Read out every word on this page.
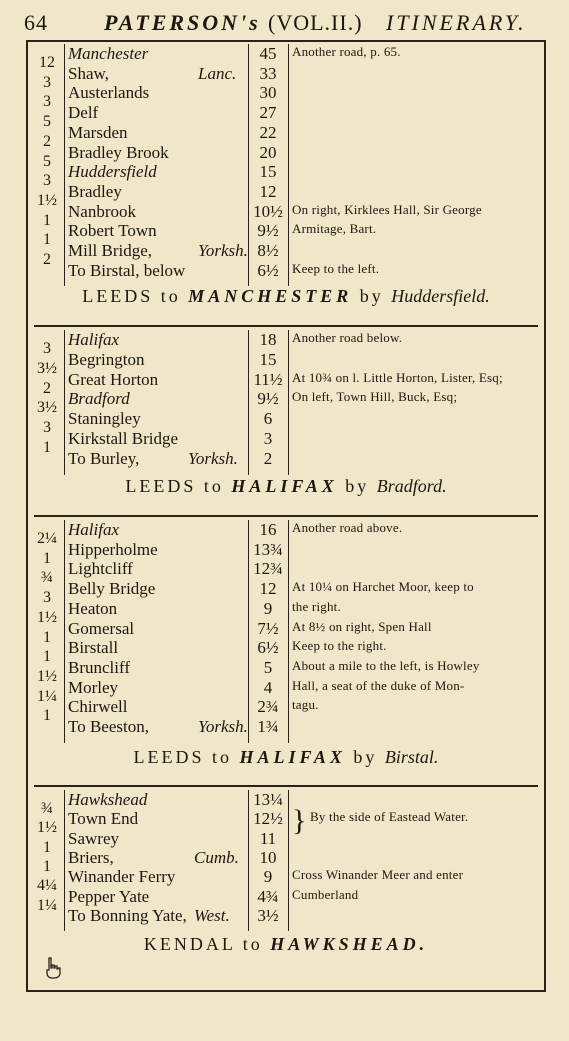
64	PATERSON's (VOL.II.) ITINERARY.
12 Manchester	45	Another road, p. 65.
3	Shaw,	Lanc.	33
3	Austerlands	30
5	Delf	27
2	Marsden	22
5	Bradley Brook	20
3	Huddersfield	15
1½ Bradley	12
1	Nanbrook	10½ On right, Kirklees Hall, Sir George
1	Robert Town	9½	Armitage, Bart.
2	Mill Bridge,	Yorksh. 8½
To Birstal, below	6½	Keep to the left.
LEEDS to MANCHESTER by Huddersfield.
3	Halifax	18	Another road below.
3½ Begrington	15
2	Great Horton	11½ At 10¾ on l. Little Horton, Lister, Esq;
3½ Bradford	9½	On left, Town Hill, Buck, Esq;
3	Staningley	6
1	Kirkstall Bridge	3
To Burley,	Yorksh.	2
LEEDS to HALIFAX by Bradford.
2¼ Halifax	16	Another road above.
1	Hipperholme	13¾
¾ Lightcliff	12¾
3	Belly Bridge	12	At 10¼ on Harchet Moor, keep to
1½ Heaton	9	the right.
1	Gomersal	7½	At 8½ on right, Spen Hall
1	Birstall	6½	Keep to the right.
1½ Bruncliff	5	About a mile to the left, is Howley
1¼ Morley	4	Hall, a seat of the duke of Mon-
1	Chirwell	2¾	tagu.
To Beeston,	Yorksh. 1¾
LEEDS to HALIFAX by Birstal.
¾ Hawkshead	13¼
1½ Town End	12½	By the side of Eastead Water.
1	Sawrey	11
1	Briers,	Cumb.	10
4¼ Winander Ferry	9	Cross Winander Meer and enter
1¼ Pepper Yate	4¾	Cumberland
To Bonning Yate, West.	3½
}
KENDAL to HAWKSHEAD.
